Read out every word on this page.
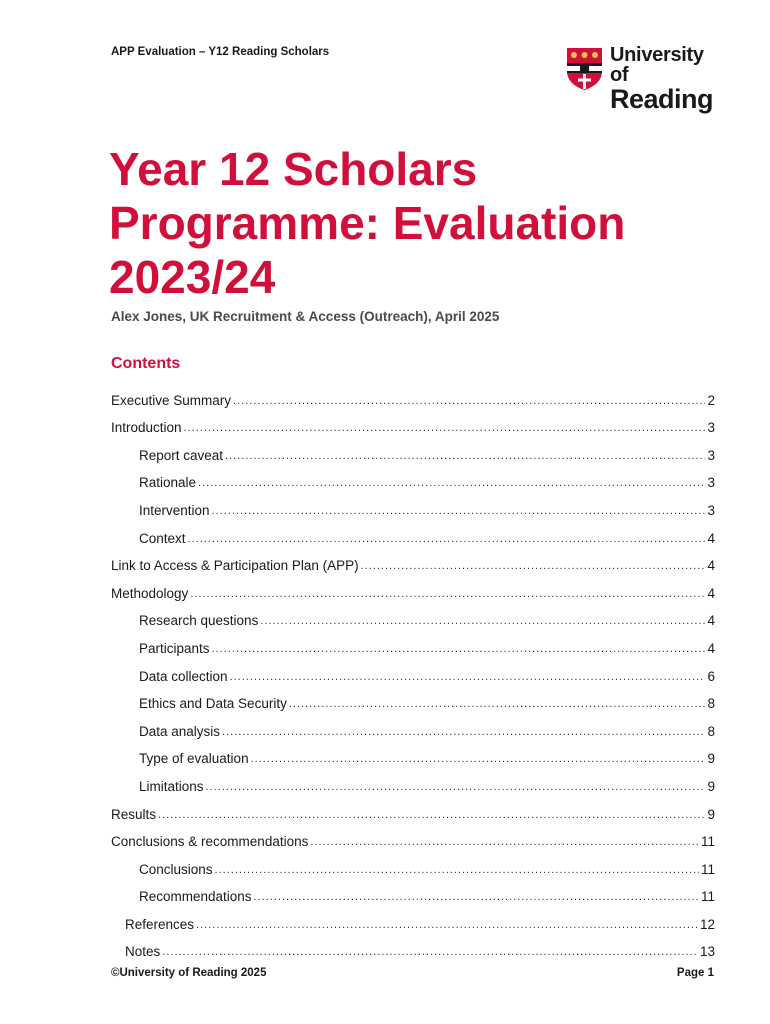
APP Evaluation – Y12 Reading Scholars	University of
Reading
Year 12 Scholars
Programme: Evaluation
2023/24
Alex Jones, UK Recruitment & Access (Outreach), April 2025
Contents
Executive Summary .....	2
Introduction .....	3
Report caveat .....	3
Rationale .....	3
Intervention .....	3
Context .....	4
Link to Access & Participation Plan (APP) .....	4
Methodology .....	4
Research questions .....	4
Participants .....	4
Data collection .....	6
Ethics and Data Security .....	8
Data analysis .....	8
Type of evaluation .....	9
Limitations .....	9
Results .....	9
Conclusions & recommendations .....	11
Conclusions .....	11
Recommendations .....	11
References .....	12
Notes .....	13
©University of Reading 2025	Page 1
